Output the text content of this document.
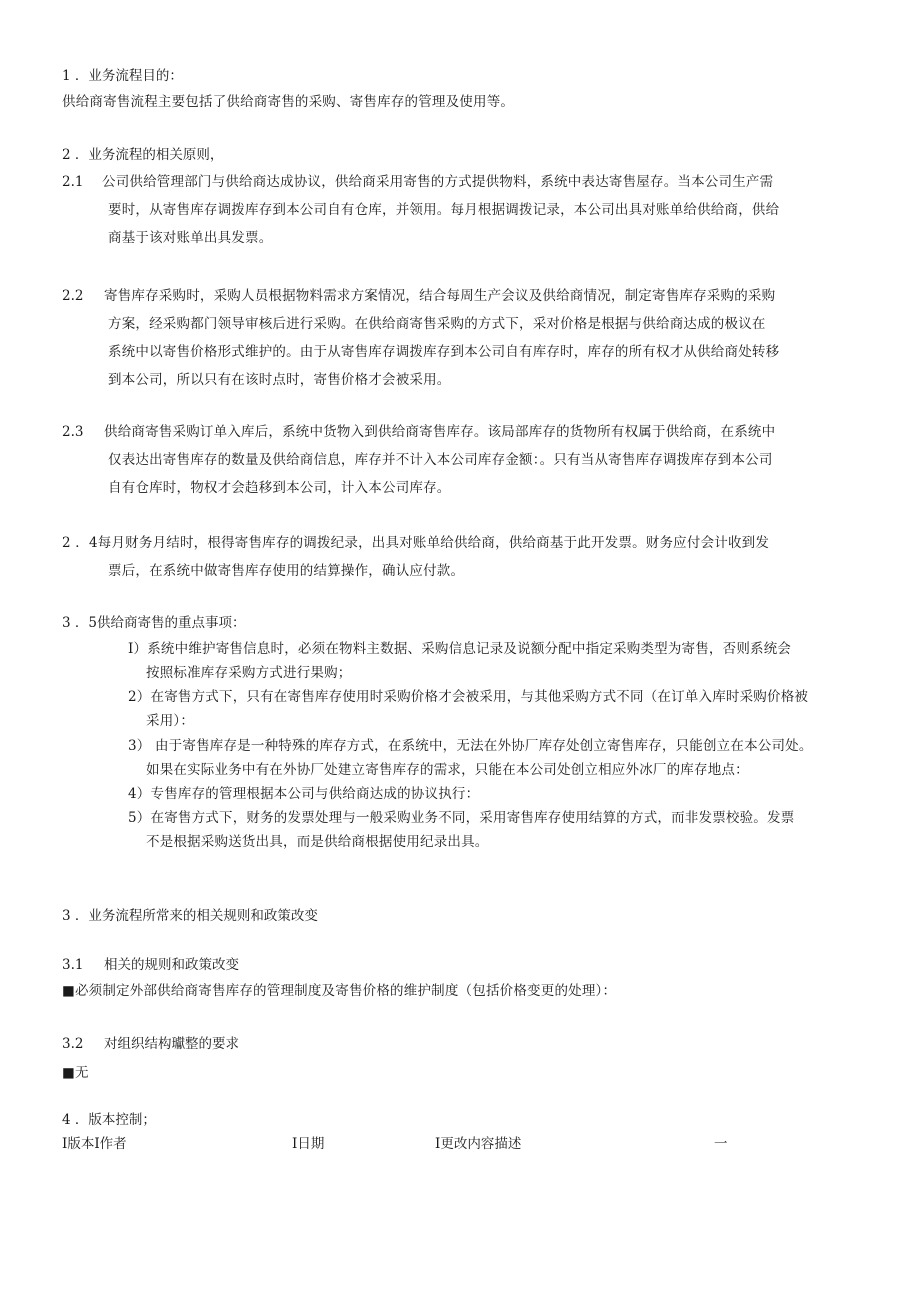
1 ．业务流程目的：
供给商寄售流程主要包括了供给商寄售的采购、寄售库存的管理及使用等。
2 ．业务流程的相关原则，
2.1 公司供给管理部门与供给商达成协议，供给商采用寄售的方式提供物料，系统中表达寄售屋存。当本公司生产需
要时，从寄售库存调拨库存到本公司自有仓库，并领用。每月根据调拨记录，本公司出具对账单给供给商，供给
商基于该对账单出具发票。
2.2 寄售库存采购时，采购人员根据物料需求方案情况，结合每周生产会议及供给商情况，制定寄售库存采购的采购
方案，经采购都门领导审核后进行采购。在供给商寄售采购的方式下，采对价格是根据与供给商达成的极议在
系统中以寄售价格形式维护的。由于从寄售库存调拨库存到本公司自有库存时，库存的所有权才从供给商处转移
到本公司，所以只有在该时点时，寄售价格才会被采用。
2.3 供给商寄售采购订单入库后，系统中货物入到供给商寄售库存。该局部库存的货物所有权属于供给商，在系统中
仅表达出寄售库存的数量及供给商信息，库存并不计入本公司库存金额：。只有当从寄售库存调拨库存到本公司
自有仓库时，物权才会趋移到本公司，计入本公司库存。
2 ．4每月财务月结时，根得寄售库存的调拨纪录，出具对账单给供给商，供给商基于此开发票。财务应付会计收到发
票后，在系统中做寄售库存使用的结算操作，确认应付款。
3 ．5供给商寄售的重点事项：
I）系统中维护寄售信息时，必须在物料主数据、采购信息记录及说额分配中指定采购类型为寄售，否则系统会
按照标准库存采购方式进行果购；
2）在寄售方式下，只有在寄售库存使用时采购价格才会被采用，与其他采购方式不同（在订单入库时采购价格被
采用）：
3） 由于寄售库存是一种特殊的库存方式，在系统中，无法在外协厂库存处创立寄售库存，只能创立在本公司处。
如果在实际业务中有在外协厂处建立寄售库存的需求，只能在本公司处创立相应外冰厂的库存地点：
4）专售库存的管理根据本公司与供给商达成的协议执行：
5）在寄售方式下，财务的发票处理与一般采购业务不同，采用寄售库存使用结算的方式，而非发票校验。发票
不是根据采购送货出具，而是供给商根据使用纪录出具。
3 ．业务流程所常来的相关规则和政策改变
3.1 相关的规则和政策改变
■必须制定外部供给商寄售库存的管理制度及寄售价格的维护制度（包括价格变更的处理）：
3.2 对组织结构瓛整的要求
■无
4 ．版本控制；
I版本I作者	I日期	I更改内容描述	一
